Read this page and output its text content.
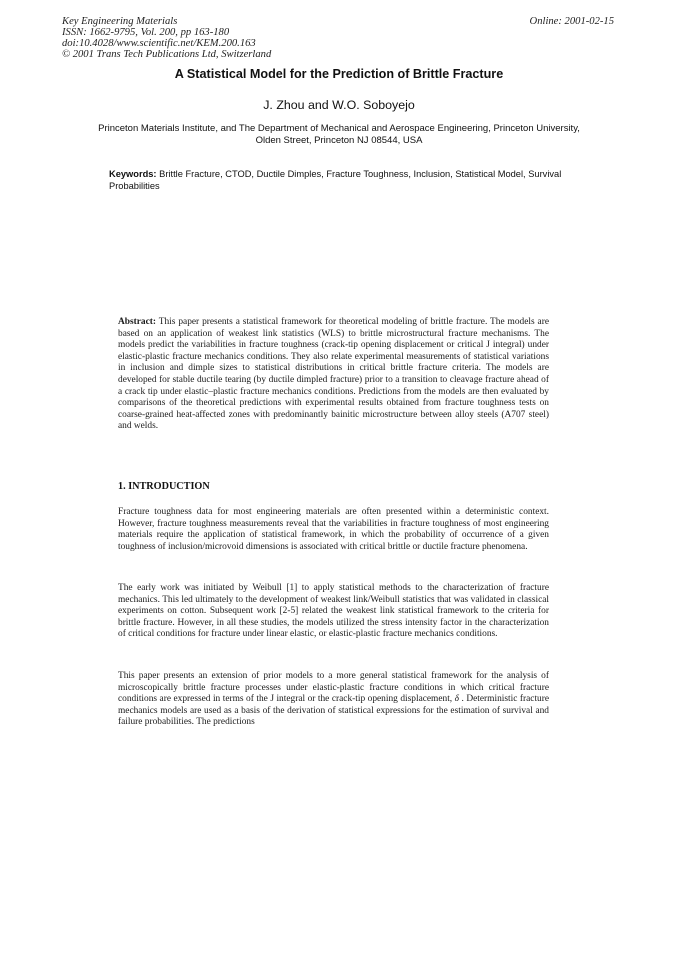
Key Engineering Materials
ISSN: 1662-9795, Vol. 200, pp 163-180
doi:10.4028/www.scientific.net/KEM.200.163
© 2001 Trans Tech Publications Ltd, Switzerland
Online: 2001-02-15
A Statistical Model for the Prediction of Brittle Fracture
J. Zhou and W.O. Soboyejo
Princeton Materials Institute, and The Department of Mechanical and Aerospace Engineering, Princeton University, Olden Street, Princeton NJ 08544, USA
Keywords: Brittle Fracture, CTOD, Ductile Dimples, Fracture Toughness, Inclusion, Statistical Model, Survival Probabilities
Abstract: This paper presents a statistical framework for theoretical modeling of brittle fracture. The models are based on an application of weakest link statistics (WLS) to brittle microstructural fracture mechanisms. The models predict the variabilities in fracture toughness (crack-tip opening displacement or critical J integral) under elastic-plastic fracture mechanics conditions. They also relate experimental measurements of statistical variations in inclusion and dimple sizes to statistical distributions in critical brittle fracture criteria. The models are developed for stable ductile tearing (by ductile dimpled fracture) prior to a transition to cleavage fracture ahead of a crack tip under elastic–plastic fracture mechanics conditions. Predictions from the models are then evaluated by comparisons of the theoretical predictions with experimental results obtained from fracture toughness tests on coarse-grained heat-affected zones with predominantly bainitic microstructure between alloy steels (A707 steel) and welds.
1. INTRODUCTION
Fracture toughness data for most engineering materials are often presented within a deterministic context. However, fracture toughness measurements reveal that the variabilities in fracture toughness of most engineering materials require the application of statistical framework, in which the probability of occurrence of a given toughness of inclusion/microvoid dimensions is associated with critical brittle or ductile fracture phenomena.
The early work was initiated by Weibull [1] to apply statistical methods to the characterization of fracture mechanics. This led ultimately to the development of weakest link/Weibull statistics that was validated in classical experiments on cotton. Subsequent work [2-5] related the weakest link statistical framework to the criteria for brittle fracture. However, in all these studies, the models utilized the stress intensity factor in the characterization of critical conditions for fracture under linear elastic, or elastic-plastic fracture mechanics conditions.
This paper presents an extension of prior models to a more general statistical framework for the analysis of microscopically brittle fracture processes under elastic-plastic fracture conditions in which critical fracture conditions are expressed in terms of the J integral or the crack-tip opening displacement, δ . Deterministic fracture mechanics models are used as a basis of the derivation of statistical expressions for the estimation of survival and failure probabilities. The predictions
